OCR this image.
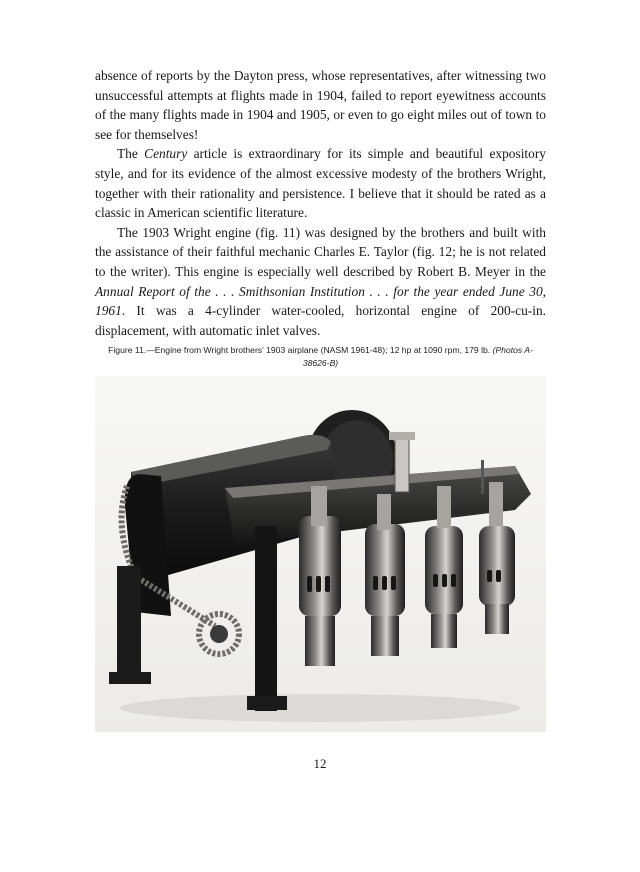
absence of reports by the Dayton press, whose representatives, after witnessing two unsuccessful attempts at flights made in 1904, failed to report eyewitness accounts of the many flights made in 1904 and 1905, or even to go eight miles out of town to see for themselves!

The Century article is extraordinary for its simple and beautiful expository style, and for its evidence of the almost excessive modesty of the brothers Wright, together with their rationality and persistence. I believe that it should be rated as a classic in American scientific literature.

The 1903 Wright engine (fig. 11) was designed by the brothers and built with the assistance of their faithful mechanic Charles E. Taylor (fig. 12; he is not related to the writer). This engine is especially well described by Robert B. Meyer in the Annual Report of the . . . Smithsonian Institution . . . for the year ended June 30, 1961. It was a 4-cylinder water-cooled, horizontal engine of 200-cu-in. displacement, with automatic inlet valves.

Figure 11.—Engine from Wright brothers' 1903 airplane (NASM 1961-48); 12 hp at 1090 rpm, 179 lb. (Photos A-38626-B)
12
